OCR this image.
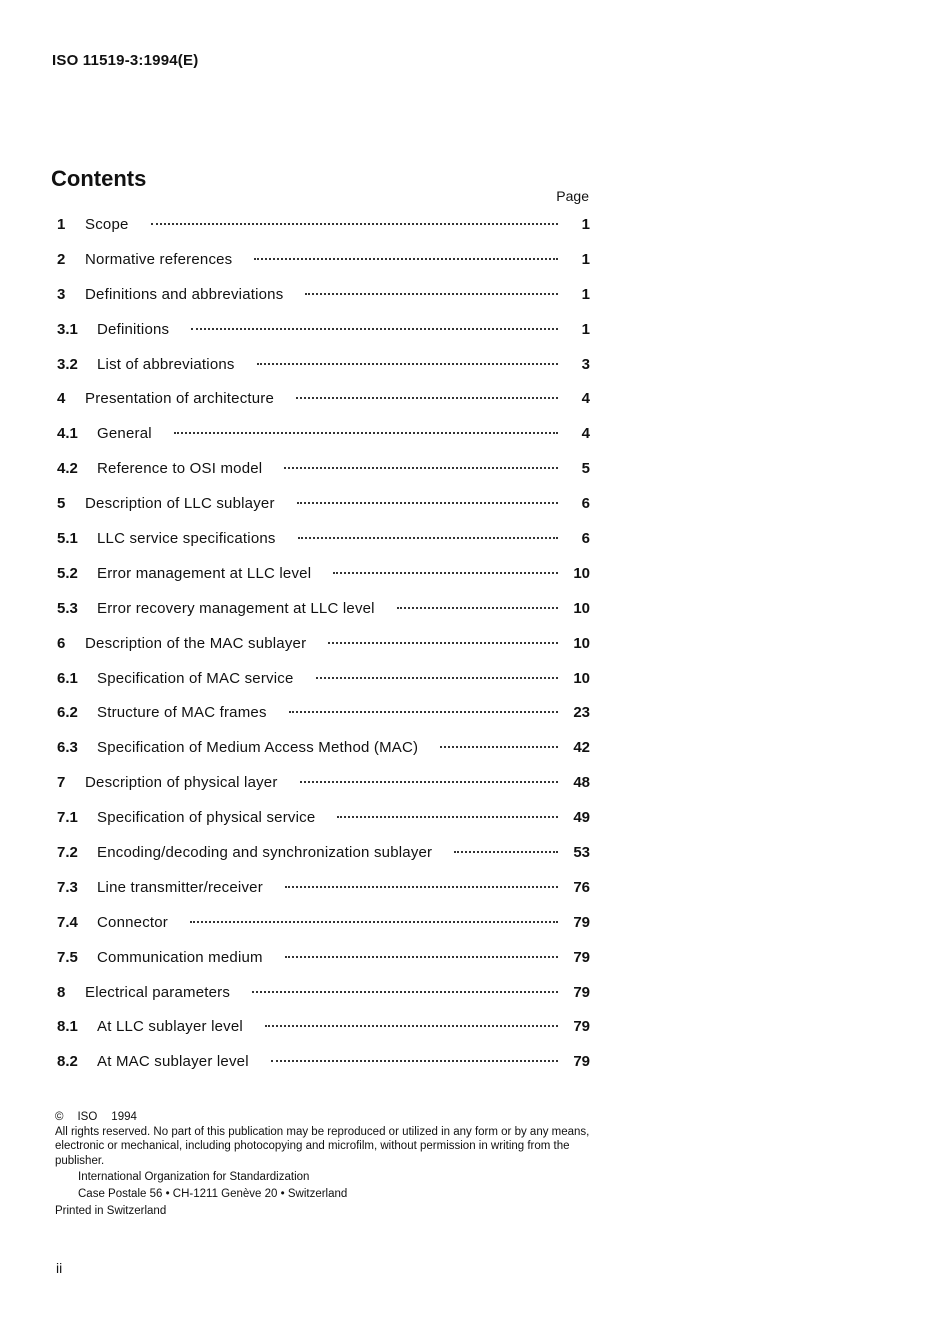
ISO 11519-3:1994(E)
Contents
Page
1	Scope	1
2	Normative references	1
3	Definitions and abbreviations	1
3.1	Definitions	1
3.2	List of abbreviations	3
4	Presentation of architecture	4
4.1	General	4
4.2	Reference to OSI model	5
5	Description of LLC sublayer	6
5.1	LLC service specifications	6
5.2	Error management at LLC level	10
5.3	Error recovery management at LLC level	10
6	Description of the MAC sublayer	10
6.1	Specification of MAC service	10
6.2	Structure of MAC frames	23
6.3	Specification of Medium Access Method (MAC)	42
7	Description of physical layer	48
7.1	Specification of physical service	49
7.2	Encoding/decoding and synchronization sublayer	53
7.3	Line transmitter/receiver	76
7.4	Connector	79
7.5	Communication medium	79
8	Electrical parameters	79
8.1	At LLC sublayer level	79
8.2	At MAC sublayer level	79

© ISO 1994

All rights reserved. No part of this publication may be reproduced or utilized in any form or by any means, electronic or mechanical, including photocopying and microfilm, without permission in writing from the publisher.

International Organization for Standardization

Case Postale 56 • CH-1211 Genève 20 • Switzerland

Printed in Switzerland

ii
